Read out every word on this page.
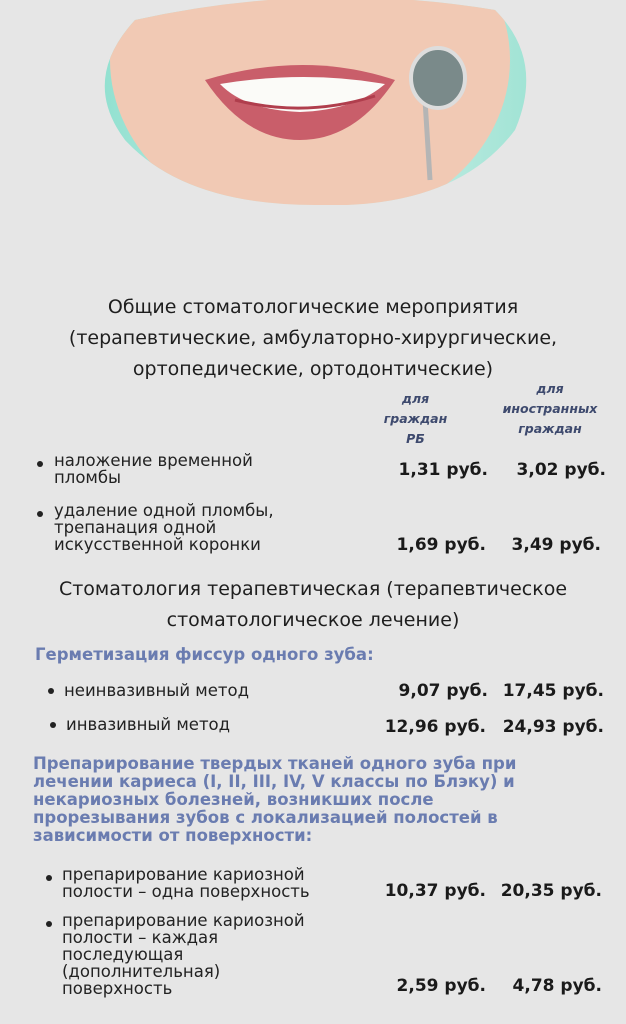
Общие стоматологические мероприятия
(терапевтические, амбулаторно-хирургические,
ортопедические, ортодонтические)
для граждан
РБ
для
иностранных
граждан
наложение временной
пломбы	1,31 руб. 3,02 руб.
удаление одной пломбы,
трепанация одной
искусственной коронки	1,69 руб. 3,49 руб.
Стоматология терапевтическая (терапевтическое
стоматологическое лечение)
Герметизация фиссур одного зуба:
неинвазивный метод	9,07 руб. 17,45 руб.
инвазивный метод	12,96 руб. 24,93 руб.
Препарирование твердых тканей одного зуба при
лечении кариеса (I, II, III, IV, V классы по Блэку) и
некариозных болезней, возникших после
прорезывания зубов с локализацией полостей в
зависимости от поверхности:
препарирование кариозной
полости – одна поверхность	10,37 руб. 20,35 руб.
препарирование кариозной
полости – каждая
последующая
(дополнительная)
поверхность	2,59 руб. 4,78 руб.
